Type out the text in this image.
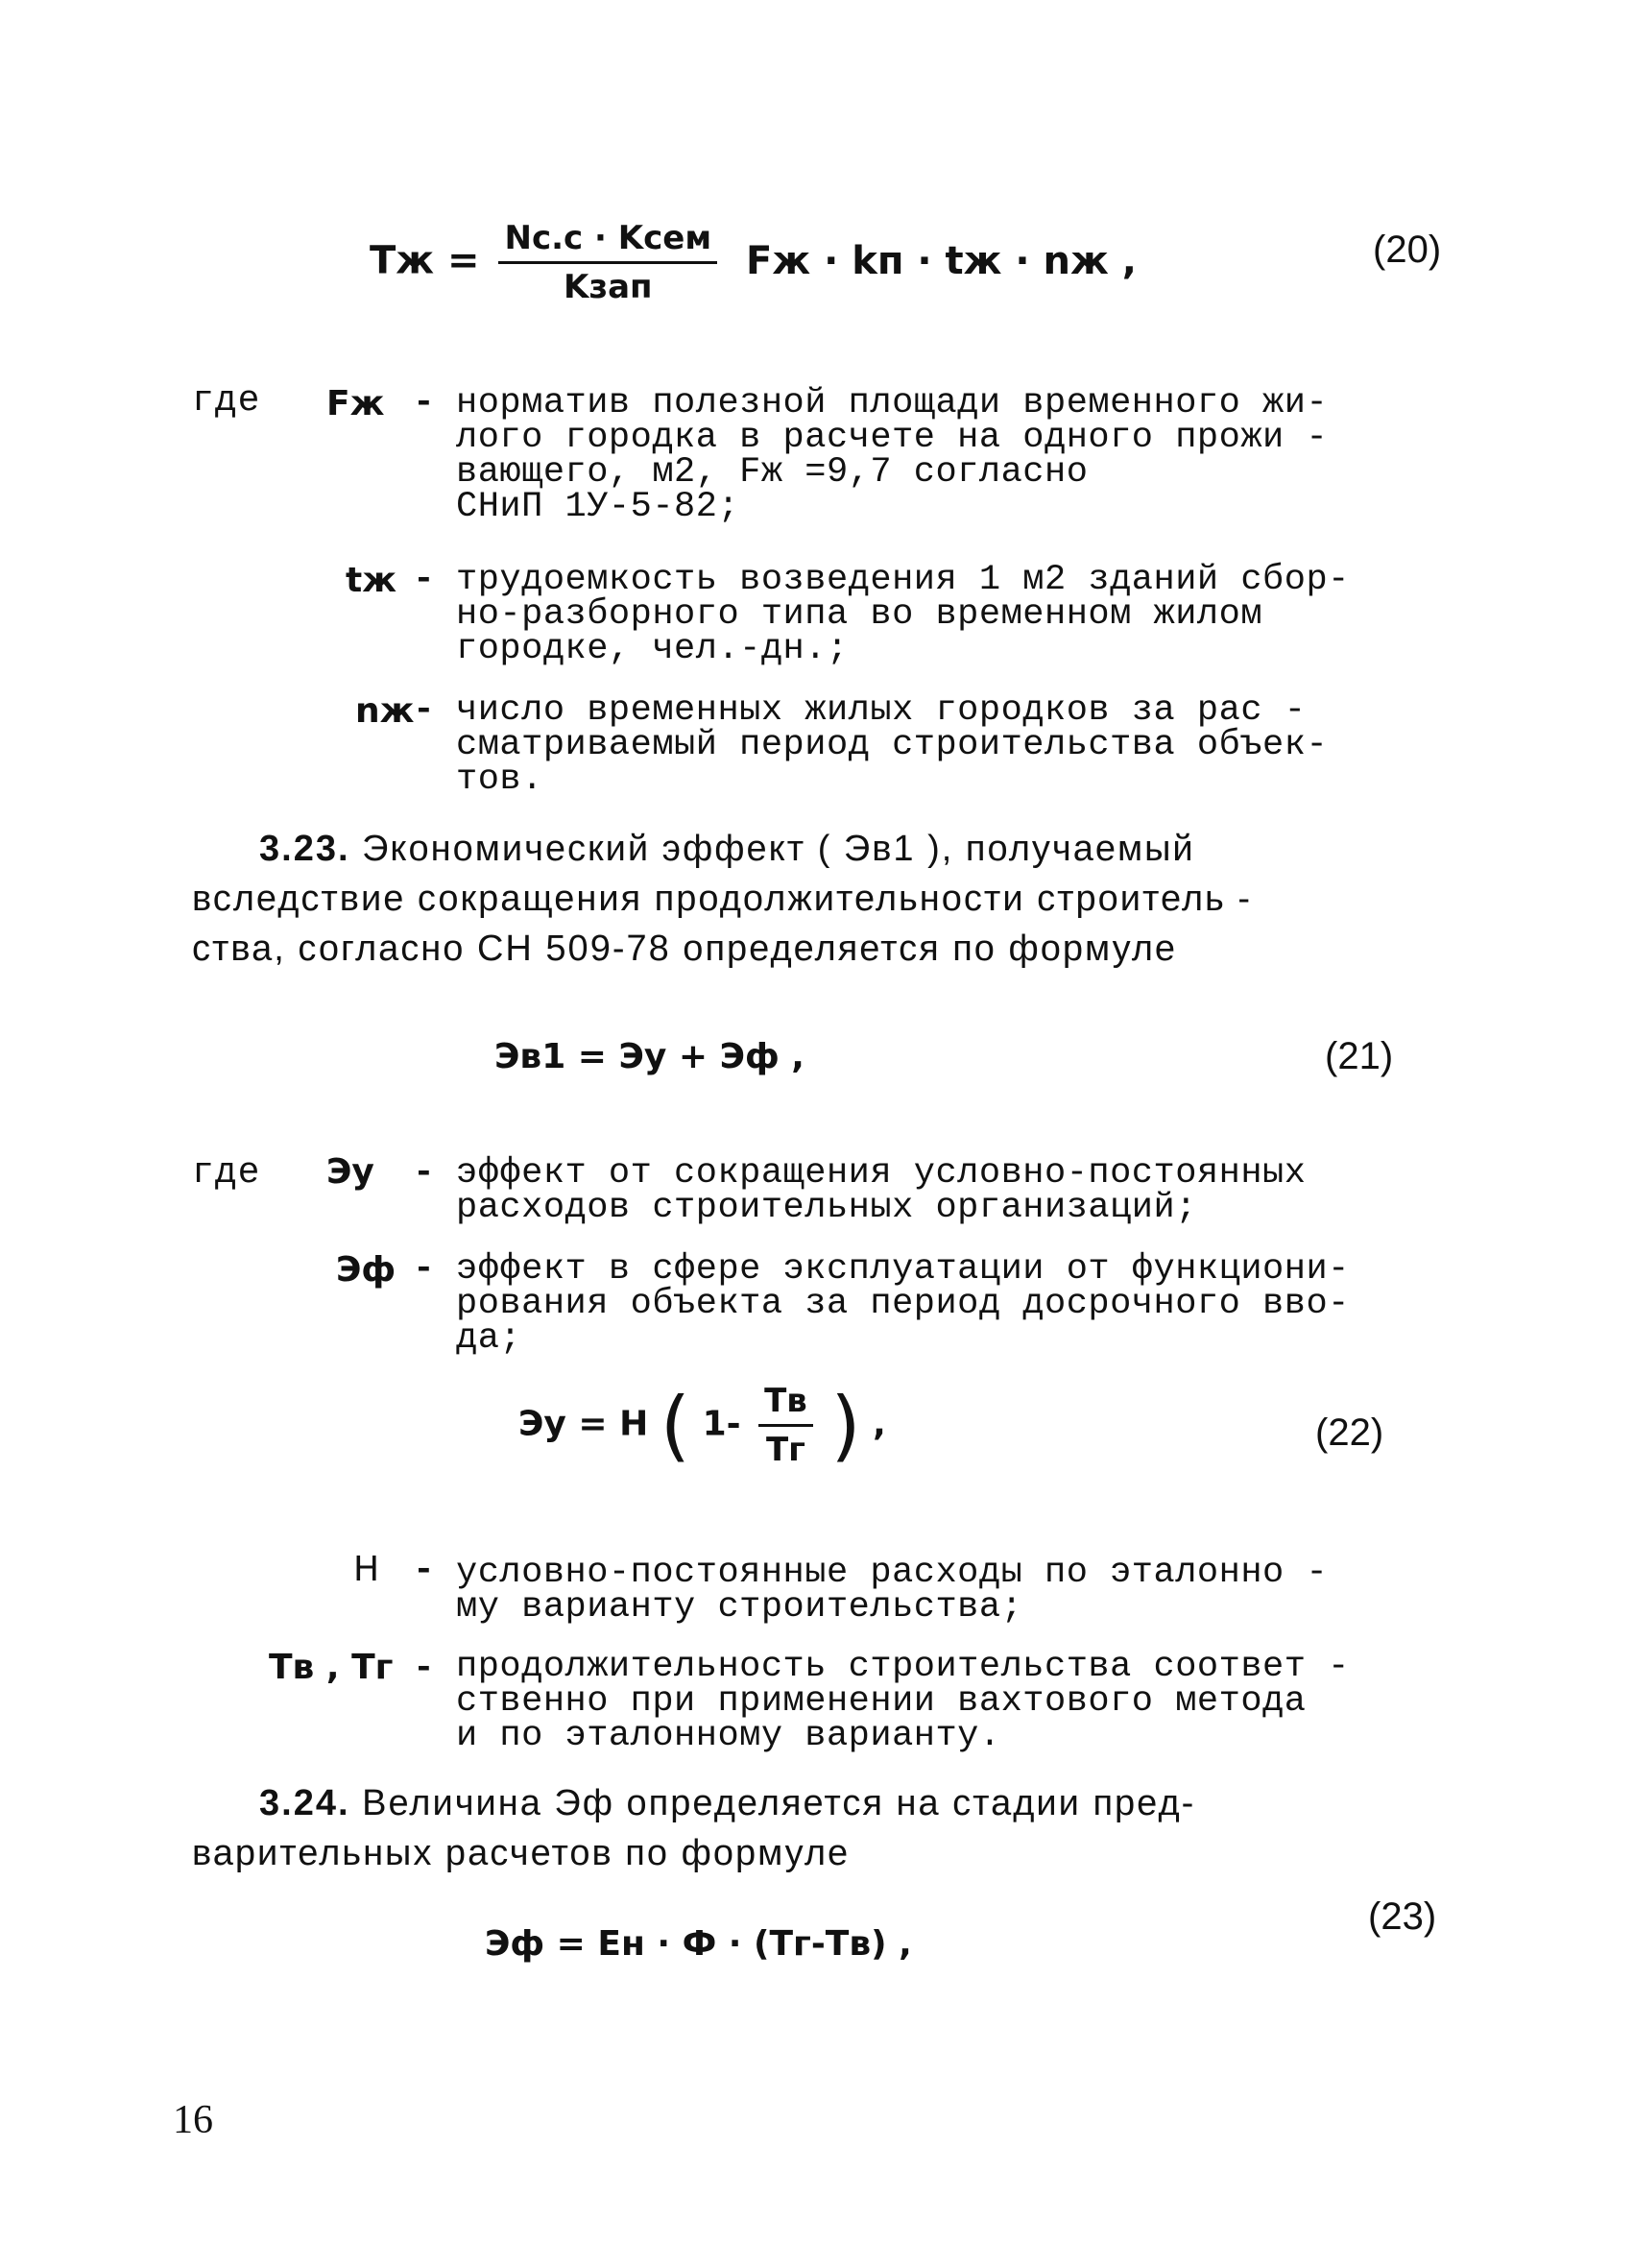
Тж = $\frac{\text{Nc.c · Kсем}}{\text{Kзап}}$ Fж · kп · tж · nж ,	(20)
где Fж - норматив полезной площади временного жи-
лого городка в расчете на одного прожи -
вающего, м2, Fж =9,7 согласно
СНиП 1У-5-82;
tж - трудоемкость возведения 1 м2 зданий сбор-
но-разборного типа во временном жилом
городке, чел.-дн.;
nж
- число временных жилых городков за рас -
сматриваемый период строительства объек-
тов.
3.23. Экономический эффект ( Эв1 ), получаемый
вследствие сокращения продолжительности строитель -
ства, согласно СН 509-78 определяется по формуле
Эв1 = Эу + Эф ,	(21)
где Эу	- эффект от сокращения условно-постоянных
расходов строительных организаций;
Эф - эффект в сфере эксплуатации от функциони-
рования объекта за период досрочного вво-
да;
Эу = Н ( $1- \frac{Тв}{Тг}$ ) ,	(22)
Н - условно-постоянные расходы по эталонно -
му варианту строительства;
Тв , Тг - продолжительность строительства соответ -
ственно при применении вахтового метода
и по эталонному варианту.
3.24. Величина Эф определяется на стадии пред-
варительных расчетов по формуле
Эф = Ен · Ф · (Тг-Тв) ,
(23)
16
